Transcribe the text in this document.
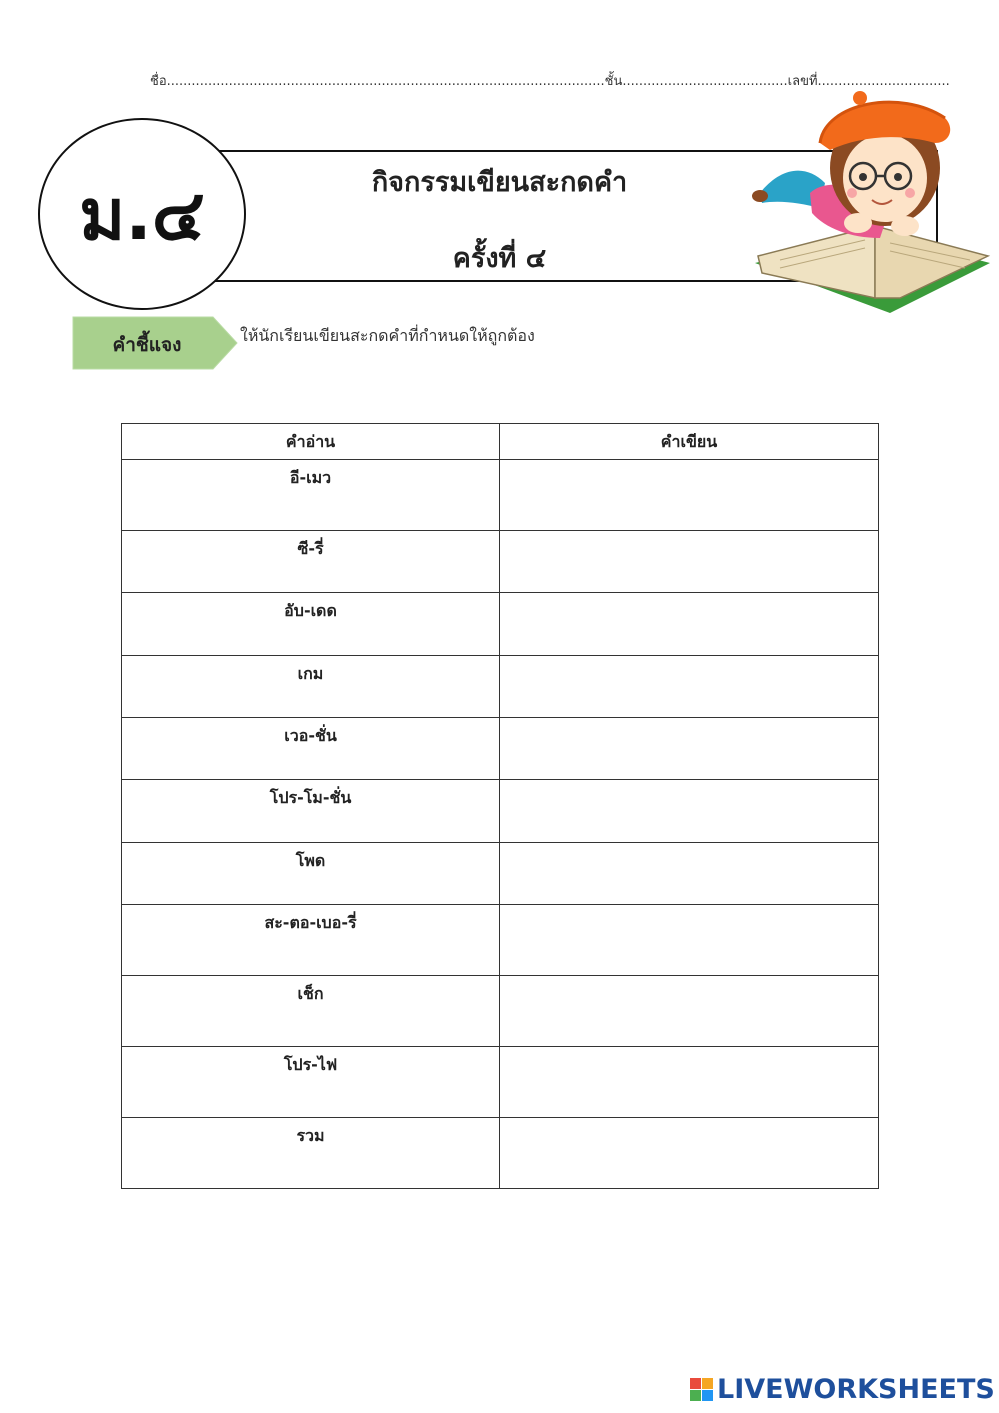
ชื่อ..........................................................................................................ชั้น........................................เลขที่................................
ม.๔	กิจกรรมเขียนสะกดคำ
ครั้งที่ ๔
คำชี้แจง	ให้นักเรียนเขียนสะกดคำที่กำหนดให้ถูกต้อง
คำอ่าน	คำเขียน
อี-เมว	
ซี-รี่	
อับ-เดด	
เกม	
เวอ-ชั่น	
โปร-โม-ชั่น	
โพด	
สะ-ตอ-เบอ-รี่	
เช็ก	
โปร-ไฟ	
รวม	
LIVEWORKSHEETS
